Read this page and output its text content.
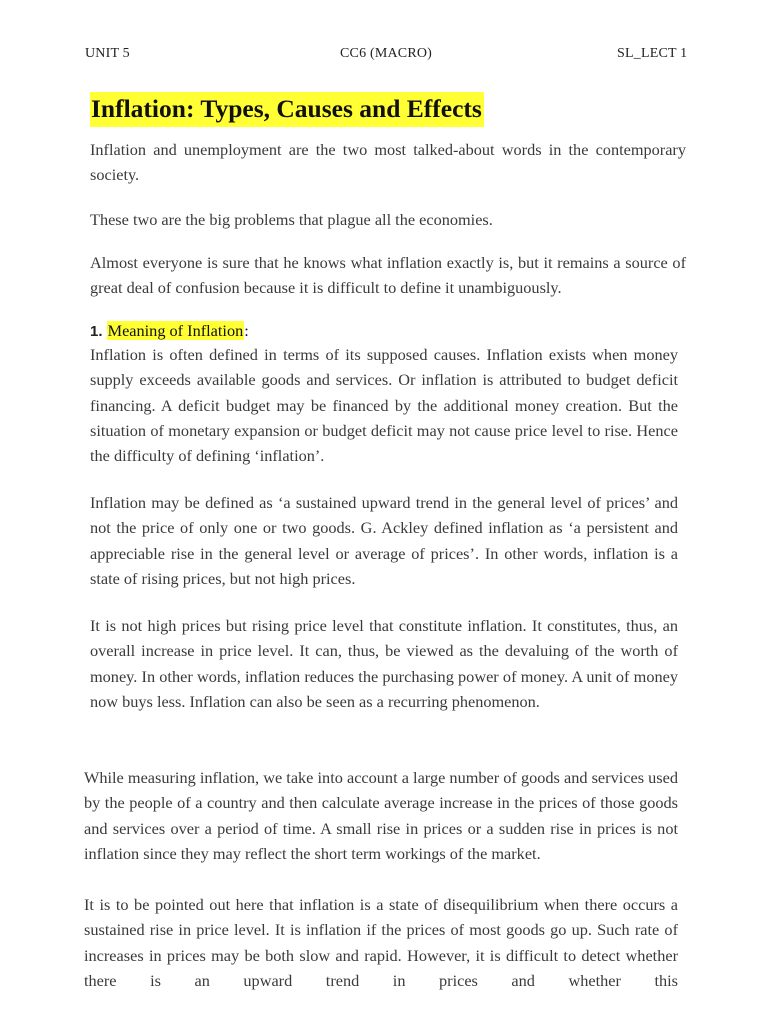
UNIT 5	CC6 (MACRO)	SL_LECT 1
Inflation: Types, Causes and Effects

Inflation and unemployment are the two most talked-about words in the contemporary society.

These two are the big problems that plague all the economies.

Almost everyone is sure that he knows what inflation exactly is, but it remains a source of great deal of confusion because it is difficult to define it unambiguously.

1. Meaning of Inflation:

Inflation is often defined in terms of its supposed causes. Inflation exists when money supply exceeds available goods and services. Or inflation is attributed to budget deficit financing. A deficit budget may be financed by the additional money creation. But the situation of monetary expansion or budget deficit may not cause price level to rise. Hence the difficulty of defining ‘inflation’.

Inflation may be defined as ‘a sustained upward trend in the general level of prices’ and not the price of only one or two goods. G. Ackley defined inflation as ‘a persistent and appreciable rise in the general level or average of prices’. In other words, inflation is a state of rising prices, but not high prices.

It is not high prices but rising price level that constitute inflation. It constitutes, thus, an overall increase in price level. It can, thus, be viewed as the devaluing of the worth of money. In other words, inflation reduces the purchasing power of money. A unit of money now buys less. Inflation can also be seen as a recurring phenomenon.

While measuring inflation, we take into account a large number of goods and services used by the people of a country and then calculate average increase in the prices of those goods and services over a period of time. A small rise in prices or a sudden rise in prices is not inflation since they may reflect the short term workings of the market.

It is to be pointed out here that inflation is a state of disequilibrium when there occurs a sustained rise in price level. It is inflation if the prices of most goods go up. Such rate of increases in prices may be both slow and rapid. However, it is difficult to detect whether there is an upward trend in prices and whether this
